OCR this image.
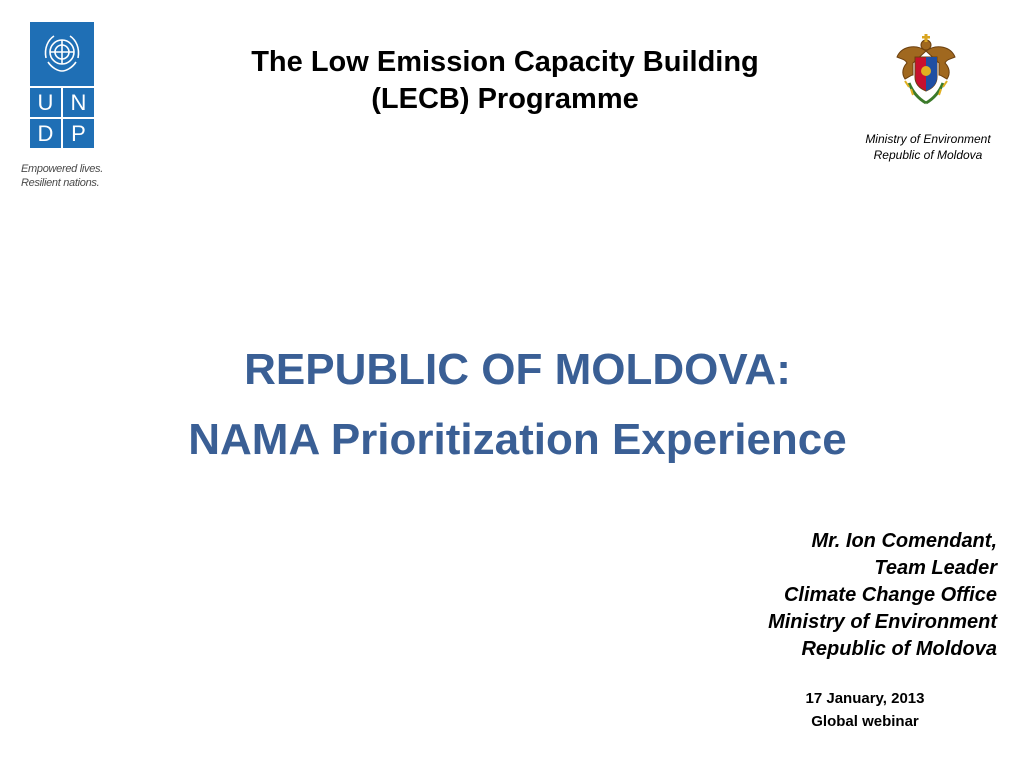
U N
D P
Empowered lives.
Resilient nations.
The Low Emission Capacity Building
(LECB) Programme
Ministry of Environment
Republic of Moldova
REPUBLIC OF MOLDOVA:
NAMA Prioritization Experience
Mr. Ion Comendant,
Team Leader
Climate Change Office
Ministry of Environment
Republic of Moldova
17 January, 2013
Global webinar
